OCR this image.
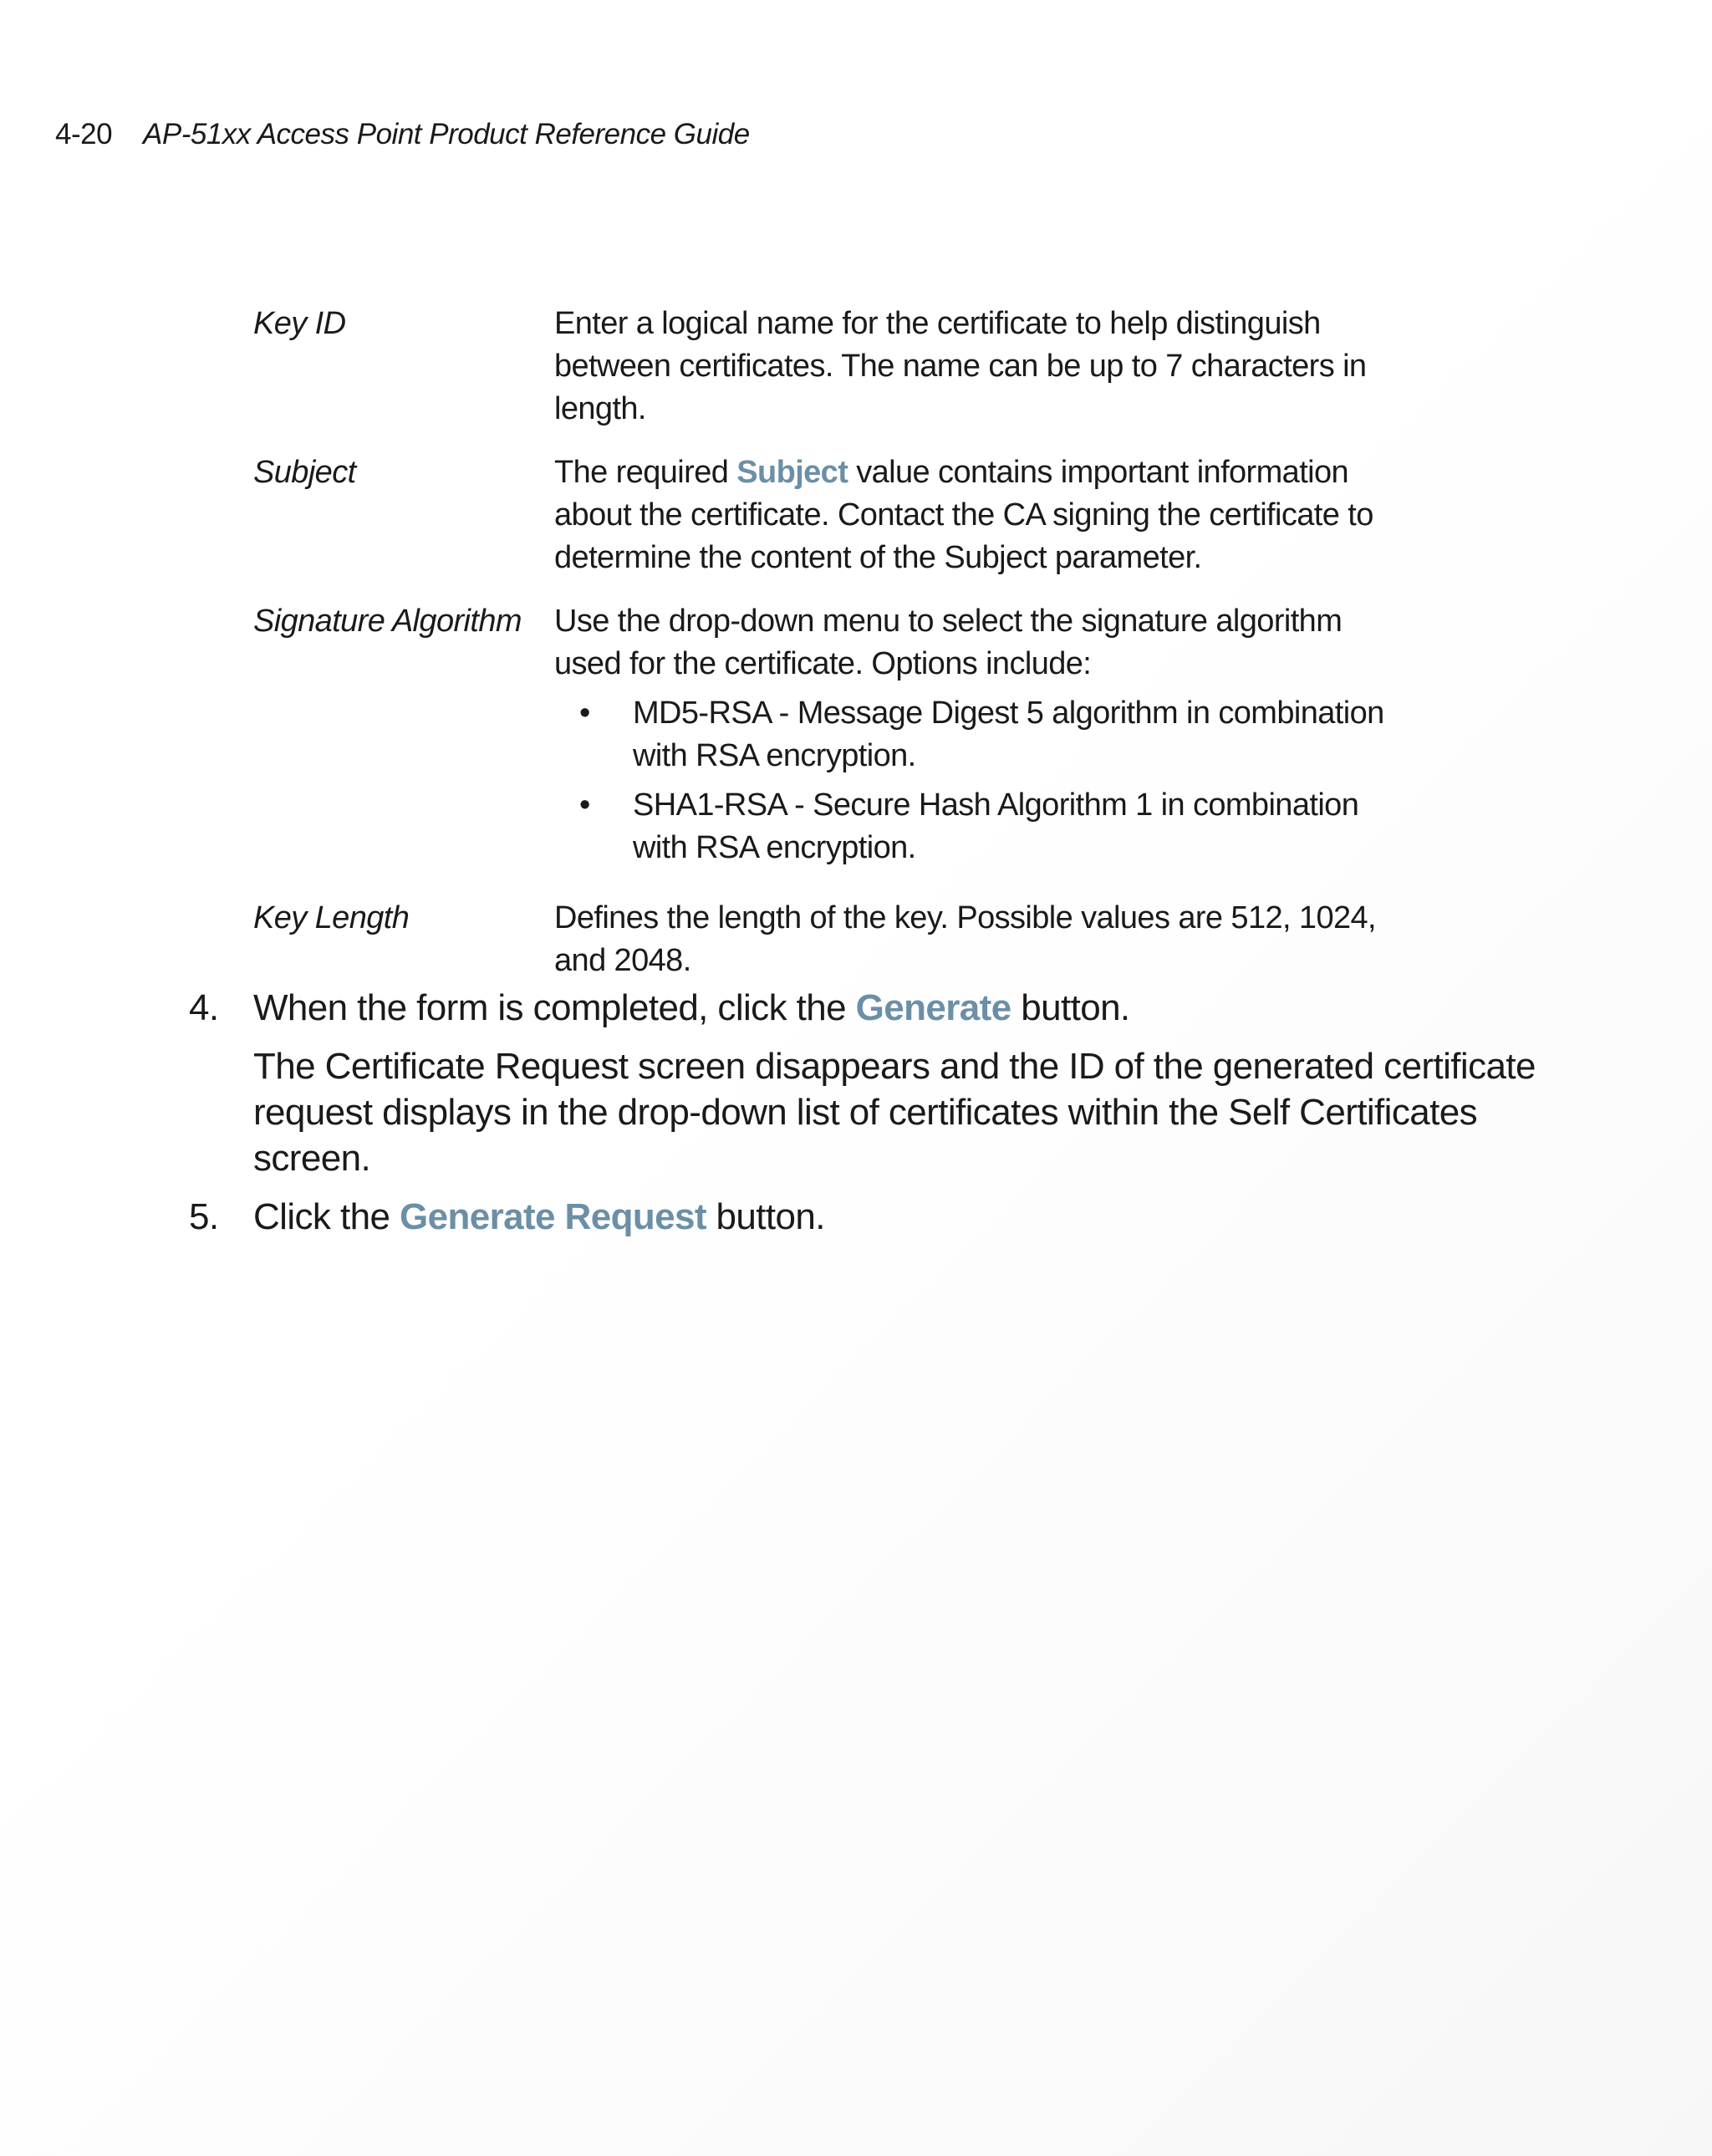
4-20 AP-51xx Access Point Product Reference Guide
Key ID	Enter a logical name for the certificate to help distinguish between certificates. The name can be up to 7 characters in length.

Subject	The required Subject value contains important information about the certificate. Contact the CA signing the certificate to determine the content of the Subject parameter.

Signature Algorithm	Use the drop-down menu to select the signature algorithm used for the certificate. Options include:

• MD5-RSA - Message Digest 5 algorithm in combination with RSA encryption.
• SHA1-RSA - Secure Hash Algorithm 1 in combination with RSA encryption.
Key Length	Defines the length of the key. Possible values are 512, 1024, and 2048.

4. When the form is completed, click the Generate button.

The Certificate Request screen disappears and the ID of the generated certificate request displays in the drop-down list of certificates within the Self Certificates screen.

5. Click the Generate Request button.
